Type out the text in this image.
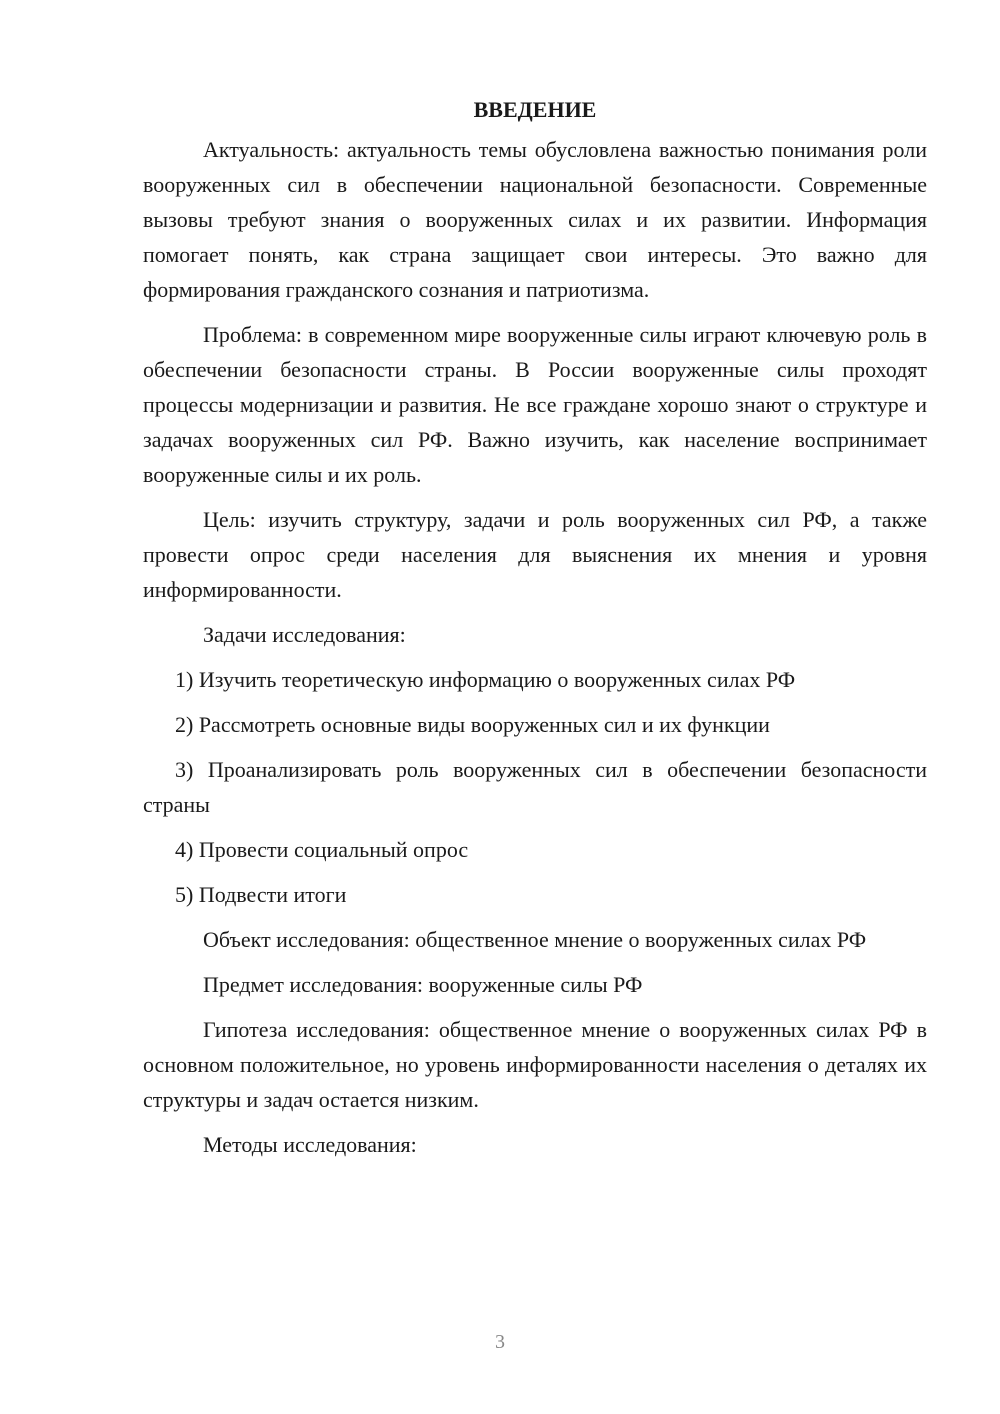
ВВЕДЕНИЕ

Актуальность: актуальность темы обусловлена важностью понимания роли вооруженных сил в обеспечении национальной безопасности. Современные вызовы требуют знания о вооруженных силах и их развитии. Информация помогает понять, как страна защищает свои интересы. Это важно для формирования гражданского сознания и патриотизма.

Проблема: в современном мире вооруженные силы играют ключевую роль в обеспечении безопасности страны. В России вооруженные силы проходят процессы модернизации и развития. Не все граждане хорошо знают о структуре и задачах вооруженных сил РФ. Важно изучить, как население воспринимает вооруженные силы и их роль.

Цель: изучить структуру, задачи и роль вооруженных сил РФ, а также провести опрос среди населения для выяснения их мнения и уровня информированности.

Задачи исследования:

1) Изучить теоретическую информацию о вооруженных силах РФ

2) Рассмотреть основные виды вооруженных сил и их функции

3) Проанализировать роль вооруженных сил в обеспечении безопасности страны

4) Провести социальный опрос

5) Подвести итоги

Объект исследования: общественное мнение о вооруженных силах РФ

Предмет исследования: вооруженные силы РФ

Гипотеза исследования: общественное мнение о вооруженных силах РФ в основном положительное, но уровень информированности населения о деталях их структуры и задач остается низким.

Методы исследования:

3
